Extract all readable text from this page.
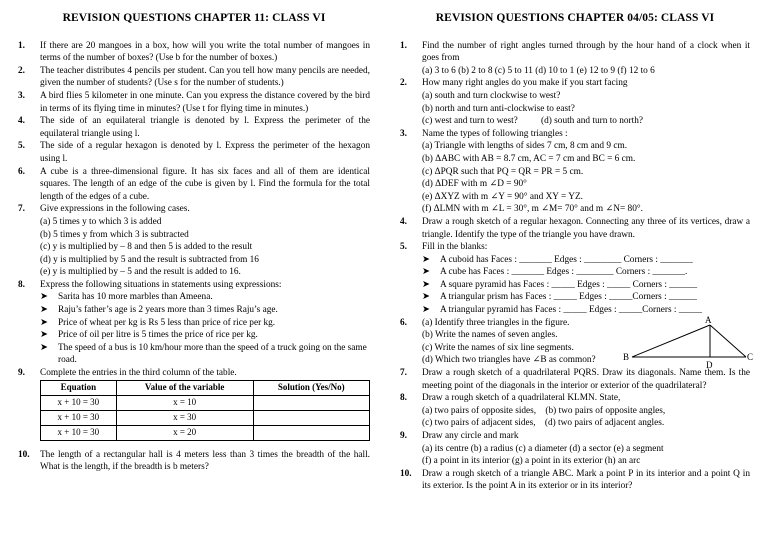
REVISION QUESTIONS CHAPTER 11: CLASS VI
1.	If there are 20 mangoes in a box, how will you write the total number of mangoes in terms of the number of boxes? (Use b for the number of boxes.)
2.	The teacher distributes 4 pencils per student. Can you tell how many pencils are needed, given the number of students? (Use s for the number of students.)
3.	A bird flies 5 kilometer in one minute. Can you express the distance covered by the bird in terms of its flying time in minutes? (Use t for flying time in minutes.)
4.	The side of an equilateral triangle is denoted by l. Express the perimeter of the equilateral triangle using l.
5.	The side of a regular hexagon is denoted by l. Express the perimeter of the hexagon using l.
6.	A cube is a three-dimensional figure. It has six faces and all of them are identical squares. The length of an edge of the cube is given by l. Find the formula for the total length of the edges of a cube.
7.	Give expressions in the following cases.
(a) 5 times y to which 3 is added
(b) 5 times y from which 3 is subtracted
(c) y is multiplied by – 8 and then 5 is added to the result
(d) y is multiplied by 5 and the result is subtracted from 16
(e) y is multiplied by – 5 and the result is added to 16.
8.	Express the following situations in statements using expressions:
➤	Sarita has 10 more marbles than Ameena.
➤	Raju’s father’s age is 2 years more than 3 times Raju’s age.
➤	Price of wheat per kg is Rs 5 less than price of rice per kg.
➤	Price of oil per litre is 5 times the price of rice per kg.
➤	The speed of a bus is 10 km/hour more than the speed of a truck going on the same road.
9.	Complete the entries in the third column of the table.
Equation	Value of the variable	Solution (Yes/No)
x + 10 = 30	x = 10	
x + 10 = 30	x = 30	
x + 10 = 30	x = 20	
10.	The length of a rectangular hall is 4 meters less than 3 times the breadth of the hall. What is the length, if the breadth is b meters?
REVISION QUESTIONS CHAPTER 04/05: CLASS VI
1.	Find the number of right angles turned through by the hour hand of a clock when it goes from
(a) 3 to 6 (b) 2 to 8 (c) 5 to 11 (d) 10 to 1 (e) 12 to 9 (f) 12 to 6
2.	How many right angles do you make if you start facing
(a) south and turn clockwise to west?
(b) north and turn anti-clockwise to east?
(c) west and turn to west?          (d) south and turn to north?
3.	Name the types of following triangles :
(a) Triangle with lengths of sides 7 cm, 8 cm and 9 cm.
(b) ΔABC with AB = 8.7 cm, AC = 7 cm and BC = 6 cm.
(c) ΔPQR such that PQ = QR = PR = 5 cm.
(d) ΔDEF with m ∠D = 90°
(e) ΔXYZ with m ∠Y = 90° and XY = YZ.
(f) ΔLMN with m ∠L = 30°, m ∠M= 70° and m ∠N= 80°.
4.	Draw a rough sketch of a regular hexagon. Connecting any three of its vertices, draw a triangle. Identify the type of the triangle you have drawn.
5.	Fill in the blanks:
➤	A cuboid has Faces : _______ Edges : ________ Corners : _______
➤	A cube has Faces : _______ Edges : ________ Corners : _______.
➤	A square pyramid has Faces : _____ Edges : _____ Corners : ______
➤	A triangular prism has Faces : _____ Edges : _____Corners : ______
➤	A triangular pyramid has Faces : _____ Edges : _____Corners : _____
6.	(a) Identify three triangles in the figure.
(b) Write the names of seven angles.
(c) Write the names of six line segments.
(d) Which two triangles have ∠B as common?
A
B	C
D
7.	Draw a rough sketch of a quadrilateral PQRS. Draw its diagonals. Name them. Is the meeting point of the diagonals in the interior or exterior of the quadrilateral?
8.	Draw a rough sketch of a quadrilateral KLMN. State,
(a) two pairs of opposite sides,    (b) two pairs of opposite angles,
(c) two pairs of adjacent sides,    (d) two pairs of adjacent angles.
9.	Draw any circle and mark
(a) its centre (b) a radius (c) a diameter (d) a sector (e) a segment
(f) a point in its interior (g) a point in its exterior (h) an arc
10.	Draw a rough sketch of a triangle ABC. Mark a point P in its interior and a point Q in its exterior. Is the point A in its exterior or in its interior?
